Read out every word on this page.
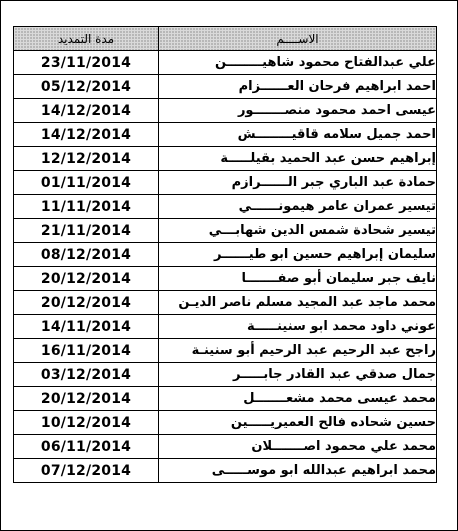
مدة التمديد	الاســــم
23/11/2014	علي عبدالفتاح محمود شاهيــــــــن
05/12/2014	احمد ابراهيم فرحان العــــــزام
14/12/2014	عيسى احمد محمود منصـــــــور
14/12/2014	احمد جميل سلامه قاقيــــــــش
12/12/2014	إبراهيم حسن عبد الحميد بقيلـــــة
01/11/2014	حمادة عبد الباري جبر الــــــرازم
11/11/2014	تيسير عمران عامر هيمونــــــي
21/11/2014	تيسير شحادة شمس الدين شهابـــي
08/12/2014	سليمان إبراهيم حسين ابو طيــــــر
20/12/2014	نايف جبر سليمان أبو صفـــــــا
20/12/2014	محمد ماجد عبد المجيد مسلم ناصر الديـن
14/11/2014	عوني داود محمد ابو سنينـــــة
16/11/2014	راجح عبد الرحيم عبد الرحيم أبو سنينـة
03/12/2014	جمال صدقي عبد القادر جابـــــر
20/12/2014	محمد عيسى محمد مشعـــــــل
10/12/2014	حسين شحاده فالح العميريـــــين
06/11/2014	محمد علي محمود اصـــــــلان
07/12/2014	محمد ابراهيم عبدالله ابو موســـــى
